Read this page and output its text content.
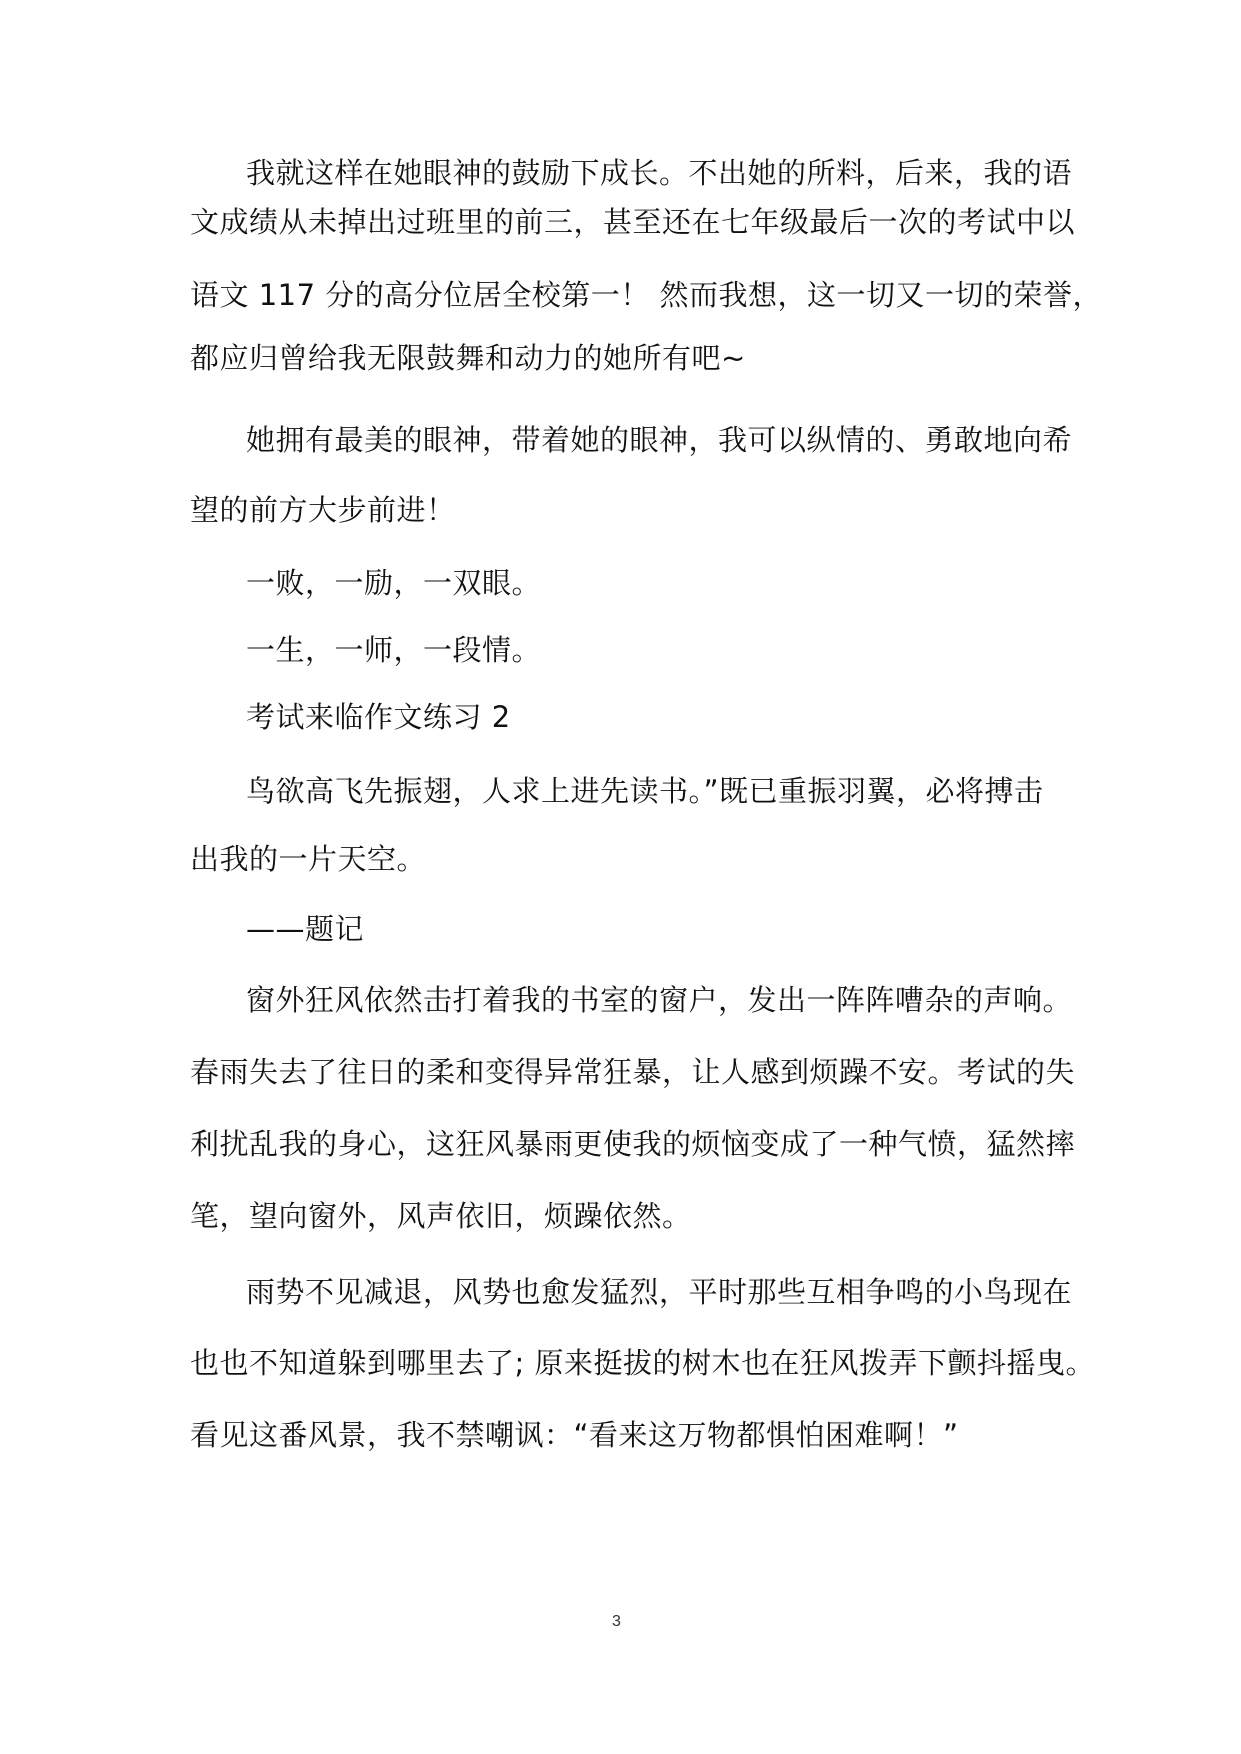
我就这样在她眼神的鼓励下成长。不出她的所料，后来，我的语
文成绩从未掉出过班里的前三，甚至还在七年级最后一次的考试中以
语文 117 分的高分位居全校第一！ 然而我想，这一切又一切的荣誉，
都应归曾给我无限鼓舞和动力的她所有吧~
她拥有最美的眼神，带着她的眼神，我可以纵情的、勇敢地向希
望的前方大步前进！
一败，一励，一双眼。
一生，一师，一段情。
考试来临作文练习 2
鸟欲高飞先振翅，人求上进先读书。”既已重振羽翼，必将搏击
出我的一片天空。
——题记
窗外狂风依然击打着我的书室的窗户，发出一阵阵嘈杂的声响。
春雨失去了往日的柔和变得异常狂暴，让人感到烦躁不安。考试的失
利扰乱我的身心，这狂风暴雨更使我的烦恼变成了一种气愤，猛然摔
笔，望向窗外，风声依旧，烦躁依然。
雨势不见减退，风势也愈发猛烈，平时那些互相争鸣的小鸟现在
也也不知道躲到哪里去了; 原来挺拔的树木也在狂风拨弄下颤抖摇曳。
看见这番风景，我不禁嘲讽：“看来这万物都惧怕困难啊！”
3
